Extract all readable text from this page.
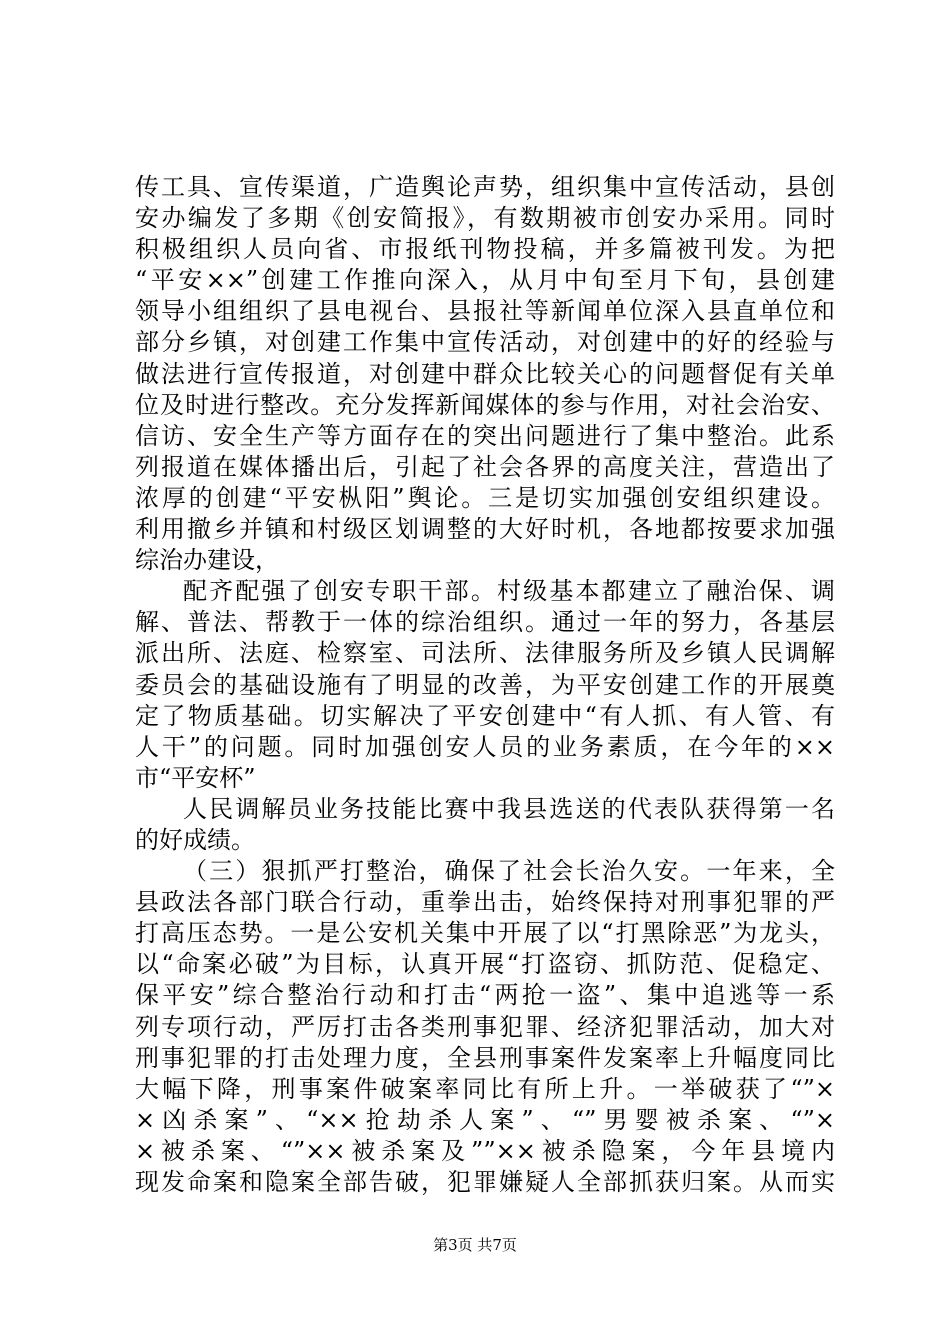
传工具、宣传渠道，广造舆论声势，组织集中宣传活动，县创
安办编发了多期《创安简报》，有数期被市创安办采用。同时
积极组织人员向省、市报纸刊物投稿，并多篇被刊发。为把
“平安××”创建工作推向深入，从月中旬至月下旬，县创建
领导小组组织了县电视台、县报社等新闻单位深入县直单位和
部分乡镇，对创建工作集中宣传活动，对创建中的好的经验与
做法进行宣传报道，对创建中群众比较关心的问题督促有关单
位及时进行整改。充分发挥新闻媒体的参与作用，对社会治安、
信访、安全生产等方面存在的突出问题进行了集中整治。此系
列报道在媒体播出后，引起了社会各界的高度关注，营造出了
浓厚的创建“平安枞阳”舆论。三是切实加强创安组织建设。
利用撤乡并镇和村级区划调整的大好时机，各地都按要求加强
综治办建设，
配齐配强了创安专职干部。村级基本都建立了融治保、调
解、普法、帮教于一体的综治组织。通过一年的努力，各基层
派出所、法庭、检察室、司法所、法律服务所及乡镇人民调解
委员会的基础设施有了明显的改善，为平安创建工作的开展奠
定了物质基础。切实解决了平安创建中“有人抓、有人管、有
人干”的问题。同时加强创安人员的业务素质，在今年的××
市“平安杯”
人民调解员业务技能比赛中我县选送的代表队获得第一名
的好成绩。
（三）狠抓严打整治，确保了社会长治久安。一年来，全
县政法各部门联合行动，重拳出击，始终保持对刑事犯罪的严
打高压态势。一是公安机关集中开展了以“打黑除恶”为龙头，
以“命案必破”为目标，认真开展“打盗窃、抓防范、促稳定、
保平安”综合整治行动和打击“两抢一盗”、集中追逃等一系
列专项行动，严厉打击各类刑事犯罪、经济犯罪活动，加大对
刑事犯罪的打击处理力度，全县刑事案件发案率上升幅度同比
大幅下降，刑事案件破案率同比有所上升。一举破获了“”×
×凶杀案”、“××抢劫杀人案”、“”男婴被杀案、“”×
×被杀案、“”××被杀案及””××被杀隐案，今年县境内
现发命案和隐案全部告破，犯罪嫌疑人全部抓获归案。从而实
第3页 共7页
